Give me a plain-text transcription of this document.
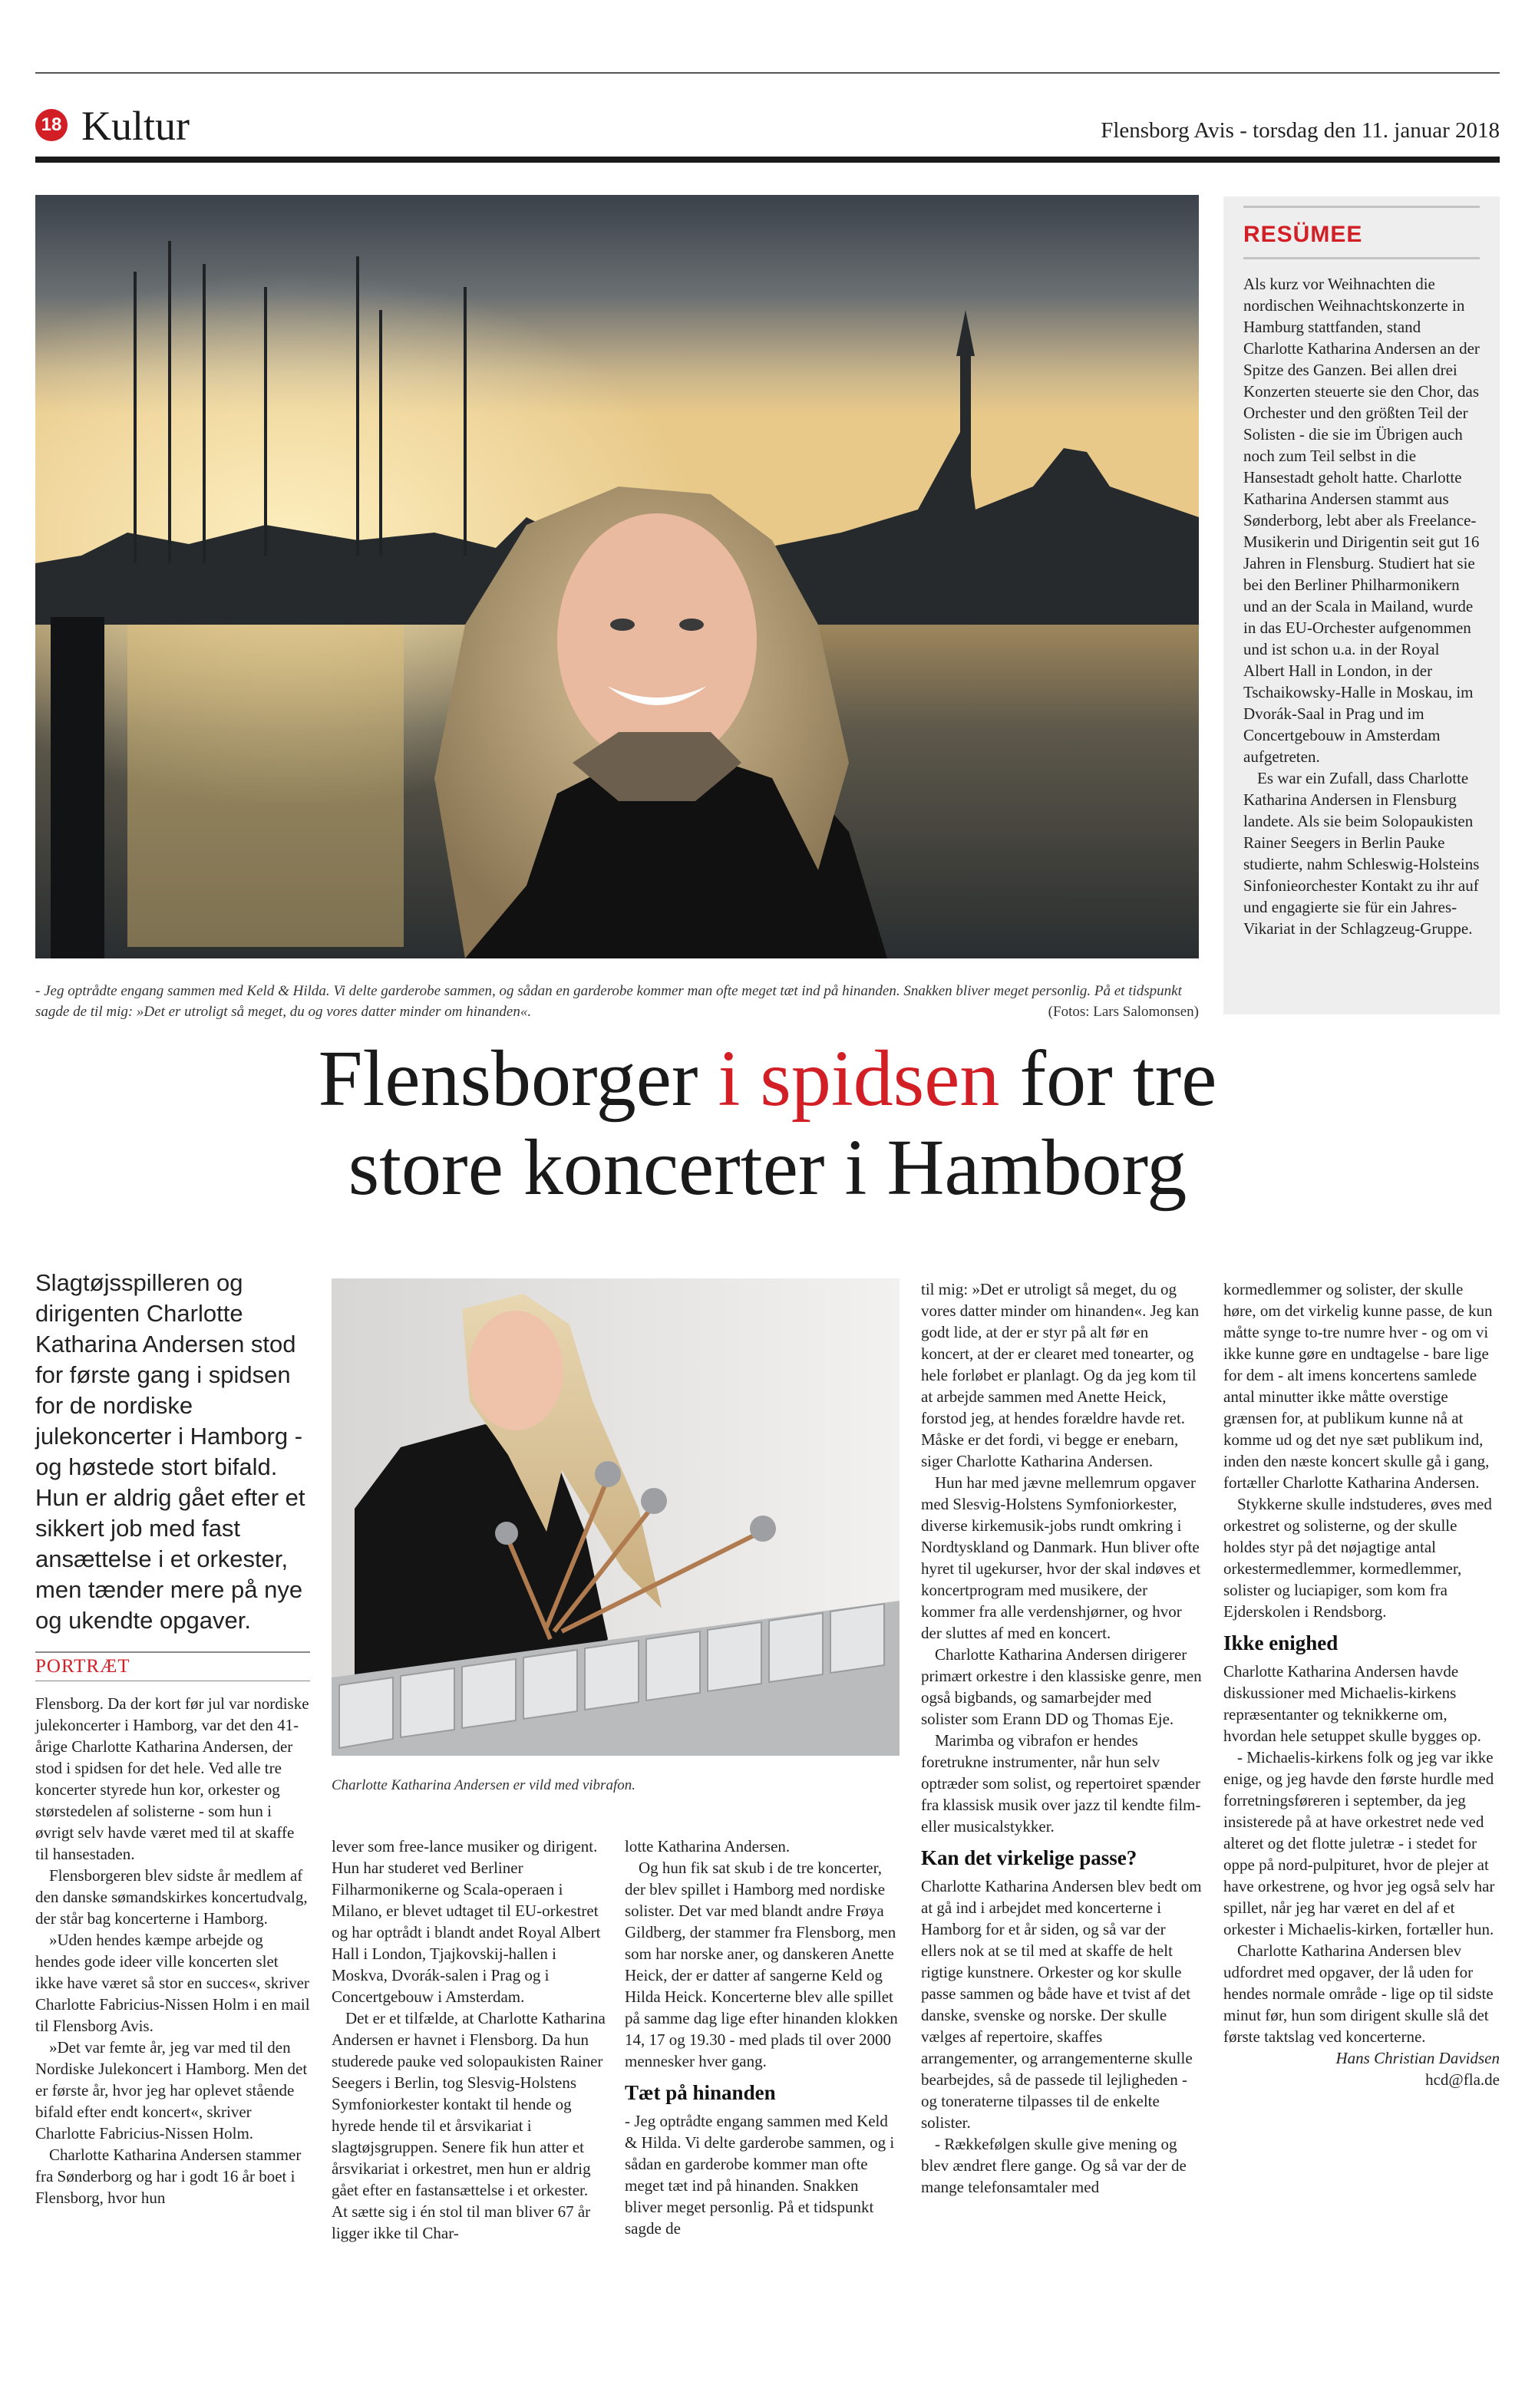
18 Kultur	Flensborg Avis - torsdag den 11. januar 2018
- Jeg optrådte engang sammen med Keld & Hilda. Vi delte garderobe sammen, og sådan en garderobe kommer man ofte meget tæt ind på hinanden. Snakken bliver meget personlig. På et tidspunkt sagde de til mig: »Det er utroligt så meget, du og vores datter minder om hinanden«.	(Fotos: Lars Salomonsen)
RESÜMEE

Als kurz vor Weihnachten die nordischen Weihnachtskonzerte in Hamburg stattfanden, stand Charlotte Katharina Andersen an der Spitze des Ganzen. Bei allen drei Konzerten steuerte sie den Chor, das Orchester und den größten Teil der Solisten - die sie im Übrigen auch noch zum Teil selbst in die Hansestadt geholt hatte. Charlotte Katharina Andersen stammt aus Sønderborg, lebt aber als Freelance-Musikerin und Dirigentin seit gut 16 Jahren in Flensburg. Studiert hat sie bei den Berliner Philharmonikern und an der Scala in Mailand, wurde in das EU-Orchester aufgenommen und ist schon u.a. in der Royal Albert Hall in London, in der Tschaikowsky-Halle in Moskau, im Dvorák-Saal in Prag und im Concertgebouw in Amsterdam aufgetreten.

Es war ein Zufall, dass Charlotte Katharina Andersen in Flensburg landete. Als sie beim Solopaukisten Rainer Seegers in Berlin Pauke studierte, nahm Schleswig-Holsteins Sinfonieorchester Kontakt zu ihr auf und engagierte sie für ein Jahres-Vikariat in der Schlagzeug-Gruppe.

Flensborger i spidsen for tre
store koncerter i Hamborg
Slagtøjsspilleren og dirigenten Charlotte Katharina Andersen stod for første gang i spidsen for de nordiske julekoncerter i Hamborg - og høstede stort bifald. Hun er aldrig gået efter et sikkert job med fast ansættelse i et orkester, men tænder mere på nye og ukendte opgaver.
PORTRÆT
Charlotte Katharina Andersen er vild med vibrafon.

Flensborg. Da der kort før jul var nordiske julekoncerter i Hamborg, var det den 41-årige Charlotte Katharina Andersen, der stod i spidsen for det hele. Ved alle tre koncerter styrede hun kor, orkester og størstedelen af solisterne - som hun i øvrigt selv havde været med til at skaffe til hansestaden.

Flensborgeren blev sidste år medlem af den danske sømandskirkes koncertudvalg, der står bag koncerterne i Hamborg.

»Uden hendes kæmpe arbejde og hendes gode ideer ville koncerten slet ikke have været så stor en succes«, skriver Charlotte Fabricius-Nissen Holm i en mail til Flensborg Avis.

»Det var femte år, jeg var med til den Nordiske Julekoncert i Hamborg. Men det er første år, hvor jeg har oplevet stående bifald efter endt koncert«, skriver Charlotte Fabricius-Nissen Holm.

Charlotte Katharina Andersen stammer fra Sønderborg og har i godt 16 år boet i Flensborg, hvor hun

lever som free-lance musiker og dirigent. Hun har studeret ved Berliner Filharmonikerne og Scala-operaen i Milano, er blevet udtaget til EU-orkestret og har optrådt i blandt andet Royal Albert Hall i London, Tjajkovskij-hallen i Moskva, Dvorák-salen i Prag og i Concertgebouw i Amsterdam.

Det er et tilfælde, at Charlotte Katharina Andersen er havnet i Flensborg. Da hun studerede pauke ved solopaukisten Rainer Seegers i Berlin, tog Slesvig-Holstens Symfoniorkester kontakt til hende og hyrede hende til et årsvikariat i slagtøjsgruppen. Senere fik hun atter et årsvikariat i orkestret, men hun er aldrig gået efter en fastansættelse i et orkester. At sætte sig i én stol til man bliver 67 år ligger ikke til Char-

lotte Katharina Andersen.

Og hun fik sat skub i de tre koncerter, der blev spillet i Hamborg med nordiske solister. Det var med blandt andre Frøya Gildberg, der stammer fra Flensborg, men som har norske aner, og danskeren Anette Heick, der er datter af sangerne Keld og Hilda Heick. Koncerterne blev alle spillet på samme dag lige efter hinanden klokken 14, 17 og 19.30 - med plads til over 2000 mennesker hver gang.

Tæt på hinanden

- Jeg optrådte engang sammen med Keld & Hilda. Vi delte garderobe sammen, og i sådan en garderobe kommer man ofte meget tæt ind på hinanden. Snakken bliver meget personlig. På et tidspunkt sagde de

til mig: »Det er utroligt så meget, du og vores datter minder om hinanden«. Jeg kan godt lide, at der er styr på alt før en koncert, at der er clearet med tonearter, og hele forløbet er planlagt. Og da jeg kom til at arbejde sammen med Anette Heick, forstod jeg, at hendes forældre havde ret. Måske er det fordi, vi begge er enebarn, siger Charlotte Katharina Andersen.

Hun har med jævne mellemrum opgaver med Slesvig-Holstens Symfoniorkester, diverse kirkemusik-jobs rundt omkring i Nordtyskland og Danmark. Hun bliver ofte hyret til ugekurser, hvor der skal indøves et koncertprogram med musikere, der kommer fra alle verdenshjørner, og hvor der sluttes af med en koncert.

Charlotte Katharina Andersen dirigerer primært orkestre i den klassiske genre, men også bigbands, og samarbejder med solister som Erann DD og Thomas Eje.

Marimba og vibrafon er hendes foretrukne instrumenter, når hun selv optræder som solist, og repertoiret spænder fra klassisk musik over jazz til kendte film- eller musicalstykker.

Kan det virkelige passe?

Charlotte Katharina Andersen blev bedt om at gå ind i arbejdet med koncerterne i Hamborg for et år siden, og så var der ellers nok at se til med at skaffe de helt rigtige kunstnere. Orkester og kor skulle passe sammen og både have et tvist af det danske, svenske og norske. Der skulle vælges af repertoire, skaffes arrangementer, og arrangementerne skulle bearbejdes, så de passede til lejligheden - og toneraterne tilpasses til de enkelte solister.

- Rækkefølgen skulle give mening og blev ændret flere gange. Og så var der de mange telefonsamtaler med

kormedlemmer og solister, der skulle høre, om det virkelig kunne passe, de kun måtte synge to-tre numre hver - og om vi ikke kunne gøre en undtagelse - bare lige for dem - alt imens koncertens samlede antal minutter ikke måtte overstige grænsen for, at publikum kunne nå at komme ud og det nye sæt publikum ind, inden den næste koncert skulle gå i gang, fortæller Charlotte Katharina Andersen.

Stykkerne skulle indstuderes, øves med orkestret og solisterne, og der skulle holdes styr på det nøjagtige antal orkestermedlemmer, kormedlemmer, solister og luciapiger, som kom fra Ejderskolen i Rendsborg.

Ikke enighed

Charlotte Katharina Andersen havde diskussioner med Michaelis-kirkens repræsentanter og teknikkerne om, hvordan hele setuppet skulle bygges op.

- Michaelis-kirkens folk og jeg var ikke enige, og jeg havde den første hurdle med forretningsføreren i september, da jeg insisterede på at have orkestret nede ved alteret og det flotte juletræ - i stedet for oppe på nord-pulpituret, hvor de plejer at have orkestrene, og hvor jeg også selv har spillet, når jeg har været en del af et orkester i Michaelis-kirken, fortæller hun.

Charlotte Katharina Andersen blev udfordret med opgaver, der lå uden for hendes normale område - lige op til sidste minut før, hun som dirigent skulle slå det første taktslag ved koncerterne.

Hans Christian Davidsen

hcd@fla.de
